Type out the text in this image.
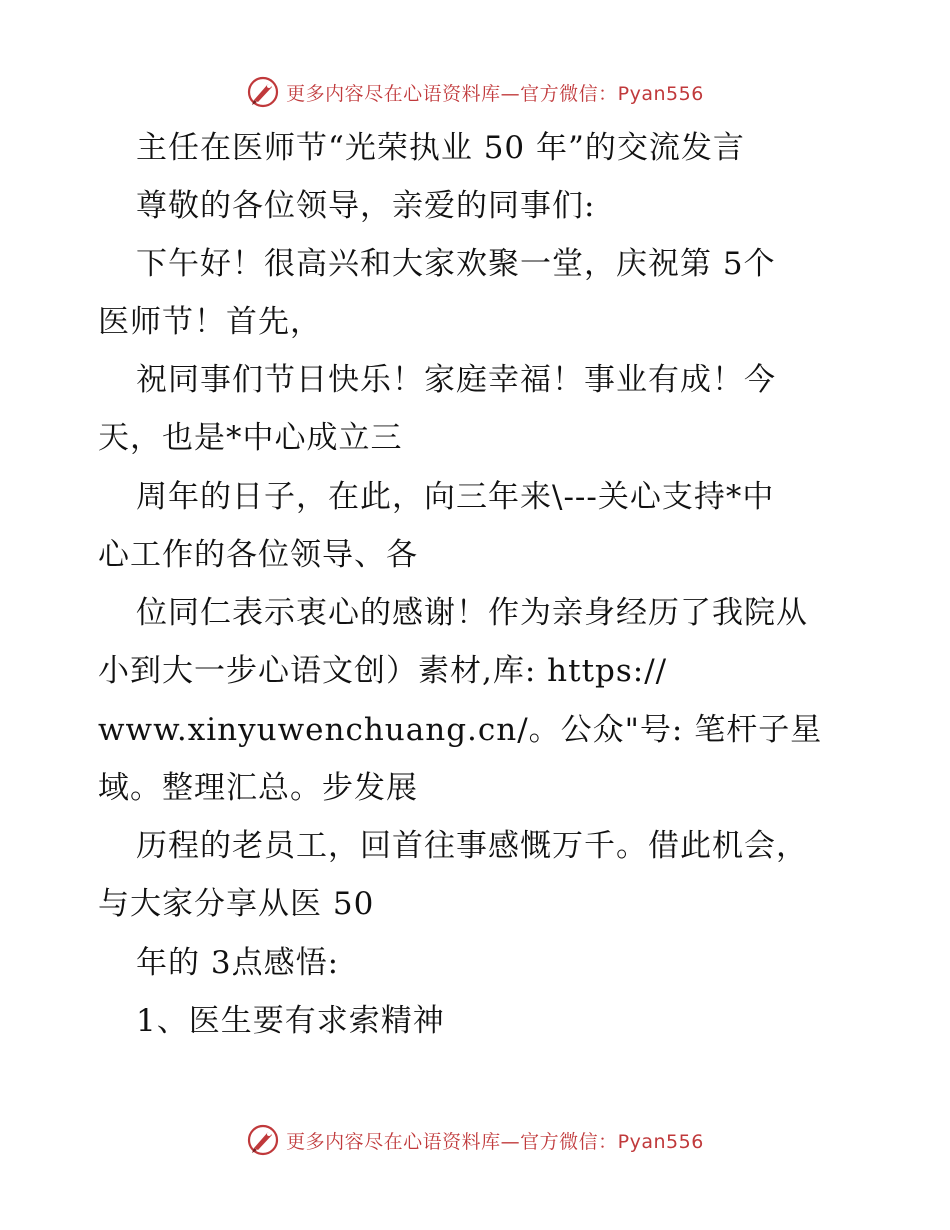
更多内容尽在心语资料库—官方微信：Pyan556
主任在医师节“光荣执业 50 年”的交流发言
尊敬的各位领导，亲爱的同事们:
下午好！很高兴和大家欢聚一堂，庆祝第 5个
医师节！首先，
祝同事们节日快乐！家庭幸福！事业有成！今
天，也是*中心成立三
周年的日子，在此，向三年来\---关心支持*中
心工作的各位领导、各
位同仁表示衷心的感谢！作为亲身经历了我院从
小到大一步心语文创）素材,库: https://
www.xinyuwenchuang.cn/。公众"号: 笔杆子星
域。整理汇总。步发展
历程的老员工，回首往事感慨万千。借此机会，
与大家分享从医 50
年的 3点感悟:
1、医生要有求索精神
更多内容尽在心语资料库—官方微信：Pyan556
